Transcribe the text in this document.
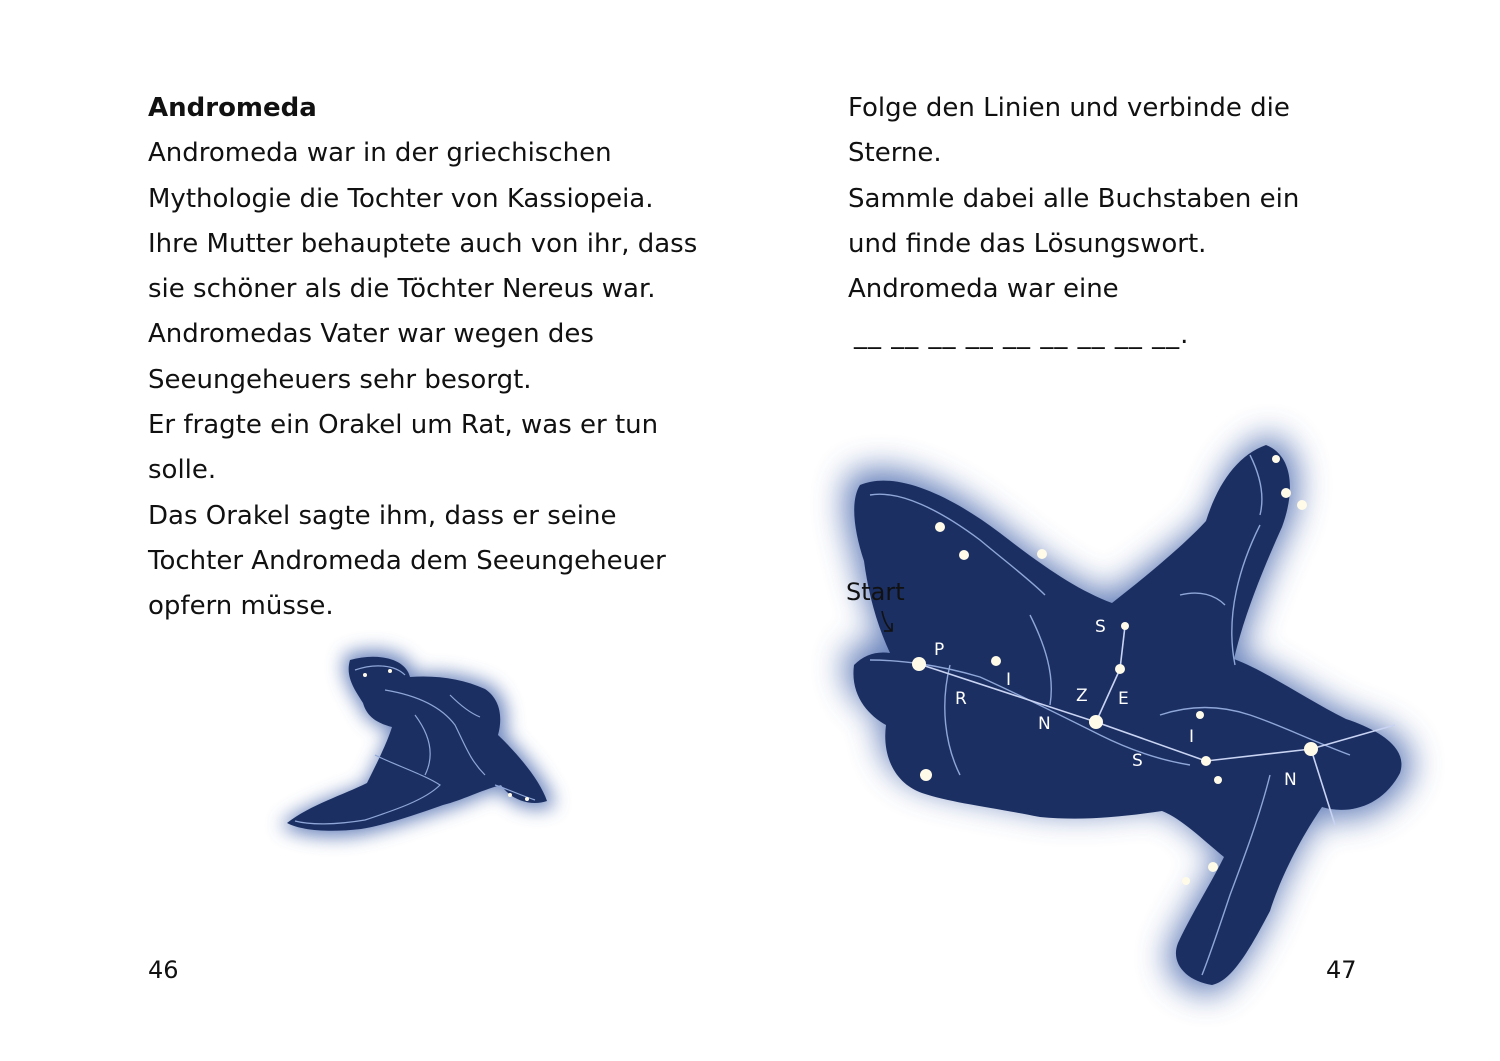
Andromeda
Andromeda war in der griechischen
Mythologie die Tochter von Kassiopeia.
Ihre Mutter behauptete auch von ihr, dass
sie schöner als die Töchter Nereus war.
Andromedas Vater war wegen des
Seeungeheuers sehr besorgt.
Er fragte ein Orakel um Rat, was er tun
solle.
Das Orakel sagte ihm, dass er seine
Tochter Andromeda dem Seeungeheuer
opfern müsse.
46
Folge den Linien und verbinde die
Sterne.
Sammle dabei alle Buchstaben ein
und finde das Lösungswort.
Andromeda war eine
__ __ __ __ __ __ __ __ __.
P
R
I
N
Z E
S
S
I
N
Start
47
